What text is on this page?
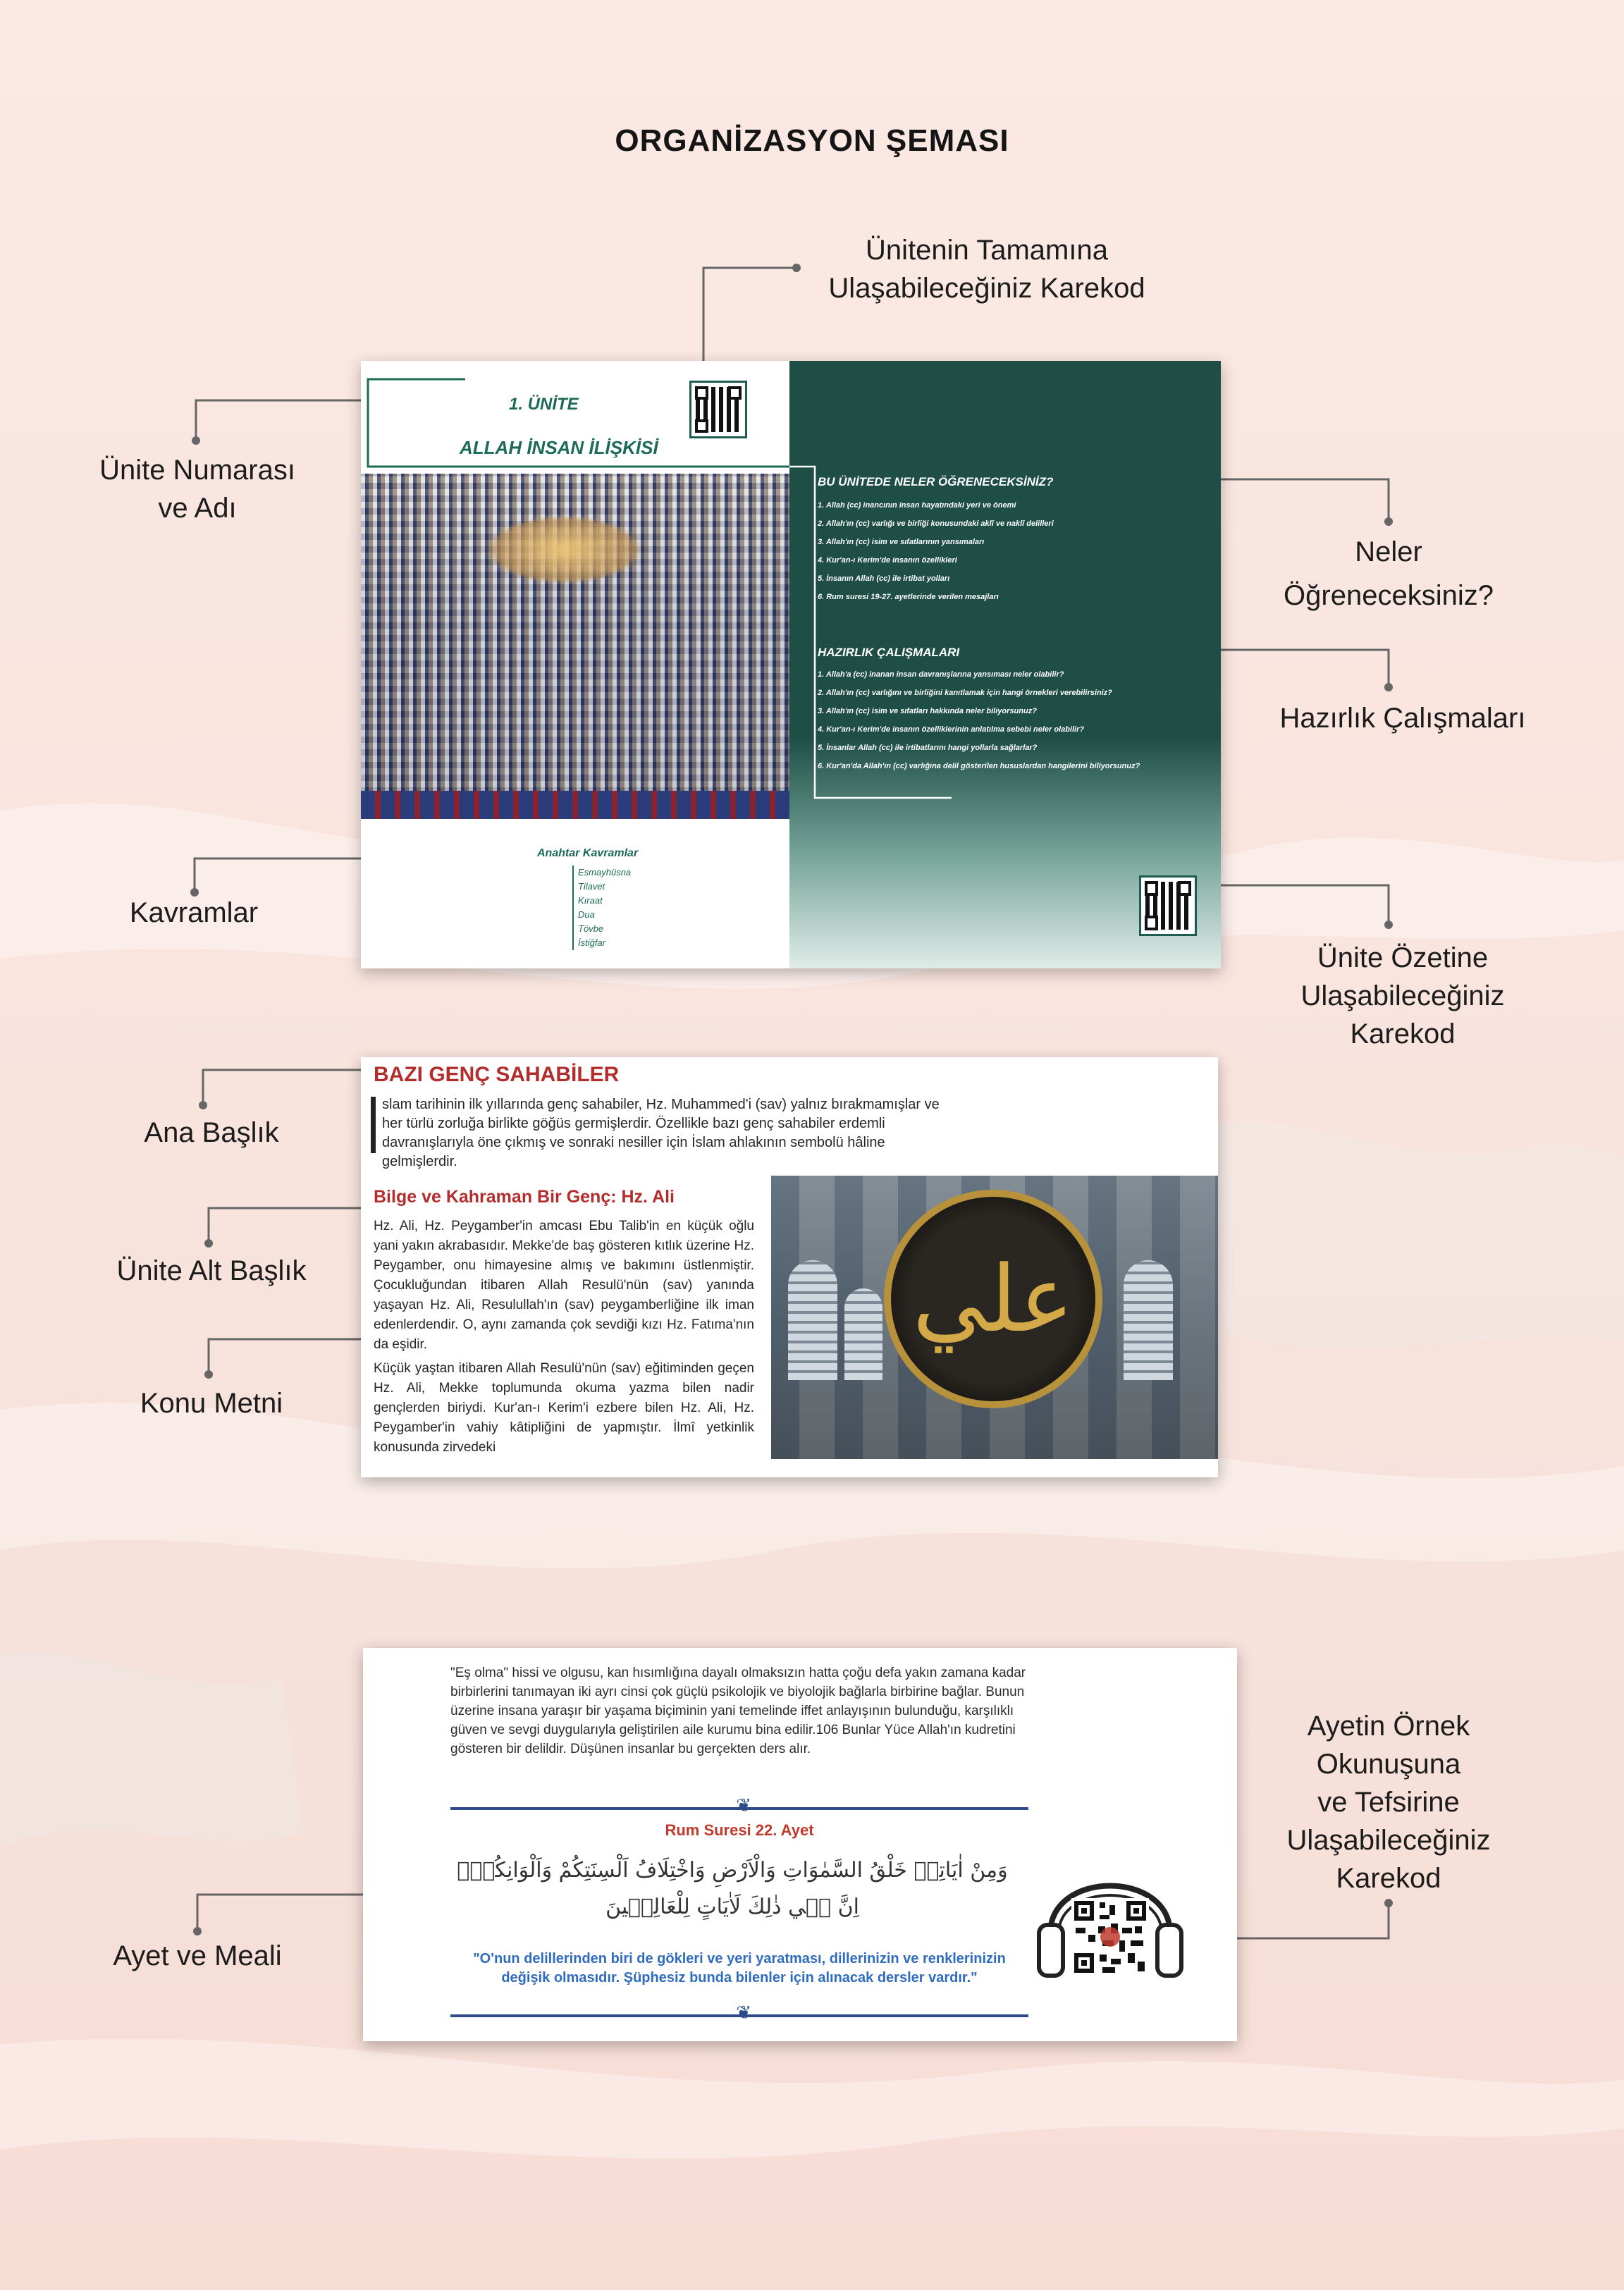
ORGANİZASYON ŞEMASI
Ünitenin Tamamına
Ulaşabileceğiniz Karekod
Ünite Numarası
ve Adı
Neler
Öğreneceksiniz?
Hazırlık Çalışmaları
Kavramlar
Ünite Özetine
Ulaşabileceğiniz
Karekod
Ana Başlık
Ünite Alt Başlık
Konu Metni
Ayet ve Meali
Ayetin Örnek
Okunuşuna
ve Tefsirine
Ulaşabileceğiniz
Karekod
1. ÜNİTE
ALLAH İNSAN İLİŞKİSİ
Anahtar Kavramlar
Esmayhüsna
Tilavet
Kıraat
Dua
Tövbe
İstiğfar
BU ÜNİTEDE NELER ÖĞRENECEKSİNİZ?
1. Allah (cc) inancının insan hayatındaki yeri ve önemi
2. Allah'ın (cc) varlığı ve birliği konusundaki aklî ve naklî delilleri
3. Allah'ın (cc) isim ve sıfatlarının yansımaları
4. Kur'an-ı Kerim'de insanın özellikleri
5. İnsanın Allah (cc) ile irtibat yolları
6. Rum suresi 19-27. ayetlerinde verilen mesajları
HAZIRLIK ÇALIŞMALARI
1. Allah'a (cc) inanan insan davranışlarına yansıması neler olabilir?
2. Allah'ın (cc) varlığını ve birliğini kanıtlamak için hangi örnekleri verebilirsiniz?
3. Allah'ın (cc) isim ve sıfatları hakkında neler biliyorsunuz?
4. Kur'an-ı Kerim'de insanın özelliklerinin anlatılma sebebi neler olabilir?
5. İnsanlar Allah (cc) ile irtibatlarını hangi yollarla sağlarlar?
6. Kur'an'da Allah'ın (cc) varlığına delil gösterilen hususlardan hangilerini biliyorsunuz?
BAZI GENÇ SAHABİLER
slam tarihinin ilk yıllarında genç sahabiler, Hz. Muhammed'i (sav) yalnız bırakmamışlar ve her türlü zorluğa birlikte göğüs germişlerdir. Özellikle bazı genç sahabiler erdemli davranışlarıyla öne çıkmış ve sonraki nesiller için İslam ahlakının sembolü hâline gelmişlerdir.
Bilge ve Kahraman Bir Genç: Hz. Ali
Hz. Ali, Hz. Peygamber'in amcası Ebu Talib'in en küçük oğlu yani yakın akrabasıdır. Mekke'de baş gösteren kıtlık üzerine Hz. Peygamber, onu himayesine almış ve bakımını üstlenmiştir. Çocukluğundan itibaren Allah Resulü'nün (sav) yanında yaşayan Hz. Ali, Resulullah'ın (sav) peygamberliğine ilk iman edenlerdendir. O, aynı zamanda çok sevdiği kızı Hz. Fatıma'nın da eşidir.
Küçük yaştan itibaren Allah Resulü'nün (sav) eğitiminden geçen Hz. Ali, Mekke toplumunda okuma yazma bilen nadir gençlerden biriydi. Kur'an-ı Kerim'i ezbere bilen Hz. Ali, Hz. Peygamber'in vahiy kâtipliğini de yapmıştır. İlmî yetkinlik konusunda zirvedeki
علي
"Eş olma" hissi ve olgusu, kan hısımlığına dayalı olmaksızın hatta çoğu defa yakın zamana kadar birbirlerini tanımayan iki ayrı cinsi çok güçlü psikolojik ve biyolojik bağlarla birbirine bağlar. Bunun üzerine insana yaraşır bir yaşama biçiminin yani temelinde iffet anlayışının bulunduğu, karşılıklı güven ve sevgi duygularıyla geliştirilen aile kurumu bina edilir.106 Bunlar Yüce Allah'ın kudretini gösteren bir delildir. Düşünen insanlar bu gerçekten ders alır.
❦
Rum Suresi 22. Ayet
وَمِنْ اٰيَاتِه۪ خَلْقُ السَّمٰوَاتِ وَالْاَرْضِ وَاخْتِلَافُ اَلْسِنَتِكُمْ وَاَلْوَانِكُمْۜ اِنَّ ف۪ي ذٰلِكَ لَاٰيَاتٍ لِلْعَالِم۪ينَ
"O'nun delillerinden biri de gökleri ve yeri yaratması, dillerinizin ve renklerinizin değişik olmasıdır. Şüphesiz bunda bilenler için alınacak dersler vardır."
❦
